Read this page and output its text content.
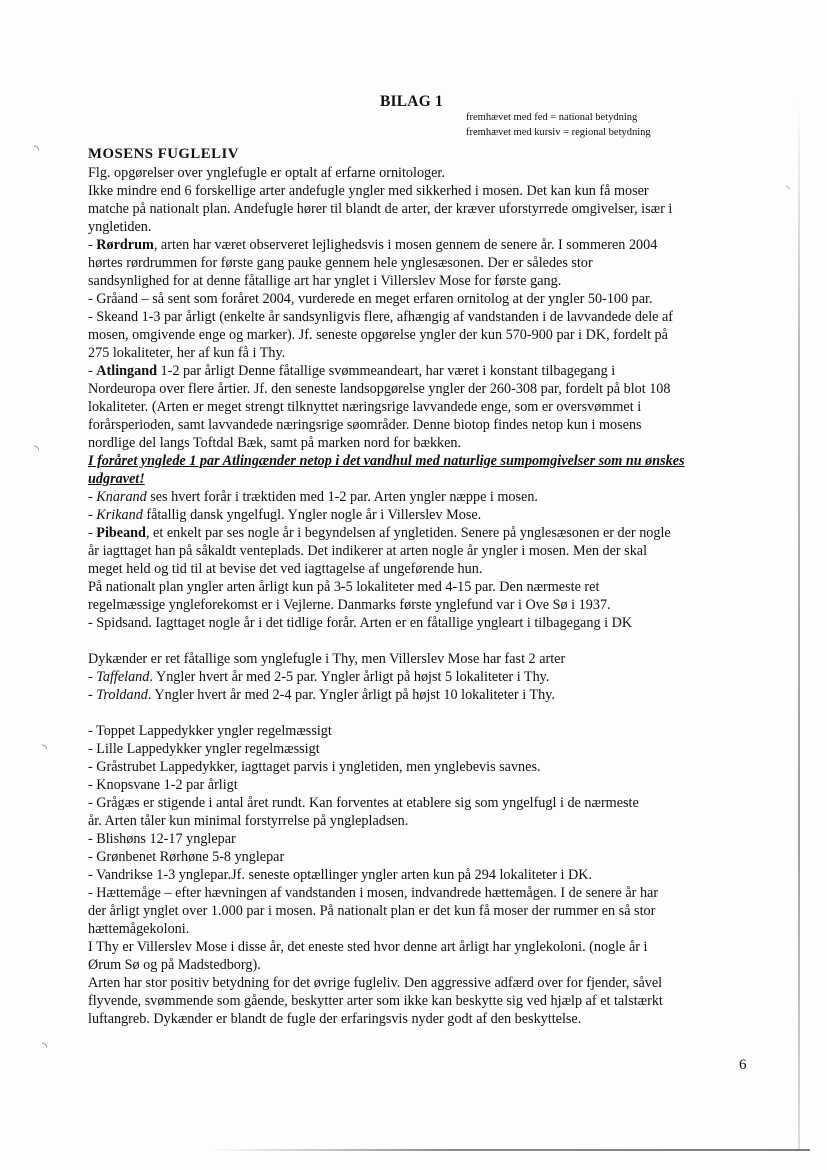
BILAG 1
fremhævet med fed = national betydning
fremhævet med kursiv = regional betydning
MOSENS FUGLELIV
Flg. opgørelser over ynglefugle er optalt af erfarne ornitologer.
Ikke mindre end 6 forskellige arter andefugle yngler med sikkerhed i mosen. Det kan kun få moser
matche på nationalt plan. Andefugle hører til blandt de arter, der kræver uforstyrrede omgivelser, især i
yngletiden.
- Rørdrum, arten har været observeret lejlighedsvis i mosen gennem de senere år. I sommeren 2004
hørtes rørdrummen for første gang pauke gennem hele ynglesæsonen. Der er således stor
sandsynlighed for at denne fåtallige art har ynglet i Villerslev Mose for første gang.
- Gråand – så sent som foråret 2004, vurderede en meget erfaren ornitolog at der yngler 50-100 par.
- Skeand 1-3 par årligt (enkelte år sandsynligvis flere, afhængig af vandstanden i de lavvandede dele af
mosen, omgivende enge og marker). Jf. seneste opgørelse yngler der kun 570-900 par i DK, fordelt på
275 lokaliteter, her af kun få i Thy.
- Atlingand 1-2 par årligt Denne fåtallige svømmeandeart, har været i konstant tilbagegang i
Nordeuropa over flere årtier. Jf. den seneste landsopgørelse yngler der 260-308 par, fordelt på blot 108
lokaliteter. (Arten er meget strengt tilknyttet næringsrige lavvandede enge, som er oversvømmet i
forårsperioden, samt lavvandede næringsrige søområder. Denne biotop findes netop kun i mosens
nordlige del langs Toftdal Bæk, samt på marken nord for bækken.
I foråret ynglede 1 par Atlingænder netop i det vandhul med naturlige sumpomgivelser som nu ønskes
udgravet!
- Knarand ses hvert forår i træktiden med 1-2 par. Arten yngler næppe i mosen.
- Krikand fåtallig dansk yngelfugl. Yngler nogle år i Villerslev Mose.
- Pibeand, et enkelt par ses nogle år i begyndelsen af yngletiden. Senere på ynglesæsonen er der nogle
år iagttaget han på såkaldt venteplads. Det indikerer at arten nogle år yngler i mosen. Men der skal
meget held og tid til at bevise det ved iagttagelse af ungeførende hun.
På nationalt plan yngler arten årligt kun på 3-5 lokaliteter med 4-15 par. Den nærmeste ret
regelmæssige yngleforekomst er i Vejlerne. Danmarks første ynglefund var i Ove Sø i 1937.
- Spidsand. Iagttaget nogle år i det tidlige forår. Arten er en fåtallige yngleart i tilbagegang i DK
Dykænder er ret fåtallige som ynglefugle i Thy, men Villerslev Mose har fast 2 arter
- Taffeland. Yngler hvert år med 2-5 par. Yngler årligt på højst 5 lokaliteter i Thy.
- Troldand. Yngler hvert år med 2-4 par. Yngler årligt på højst 10 lokaliteter i Thy.
- Toppet Lappedykker yngler regelmæssigt
- Lille Lappedykker yngler regelmæssigt
- Gråstrubet Lappedykker, iagttaget parvis i yngletiden, men ynglebevis savnes.
- Knopsvane 1-2 par årligt
- Grågæs er stigende i antal året rundt. Kan forventes at etablere sig som yngelfugl i de nærmeste
år. Arten tåler kun minimal forstyrrelse på ynglepladsen.
- Blishøns 12-17 ynglepar
- Grønbenet Rørhøne 5-8 ynglepar
- Vandrikse 1-3 ynglepar.Jf. seneste optællinger yngler arten kun på 294 lokaliteter i DK.
- Hættemåge – efter hævningen af vandstanden i mosen, indvandrede hættemågen. I de senere år har
der årligt ynglet over 1.000 par i mosen. På nationalt plan er det kun få moser der rummer en så stor
hættemågekoloni.
I Thy er Villerslev Mose i disse år, det eneste sted hvor denne art årligt har ynglekoloni. (nogle år i
Ørum Sø og på Madstedborg).
Arten har stor positiv betydning for det øvrige fugleliv. Den aggressive adfærd over for fjender, såvel
flyvende, svømmende som gående, beskytter arter som ikke kan beskytte sig ved hjælp af et talstærkt
luftangreb. Dykænder er blandt de fugle der erfaringsvis nyder godt af den beskyttelse.
6
◝
◝
◝
◝
◝
